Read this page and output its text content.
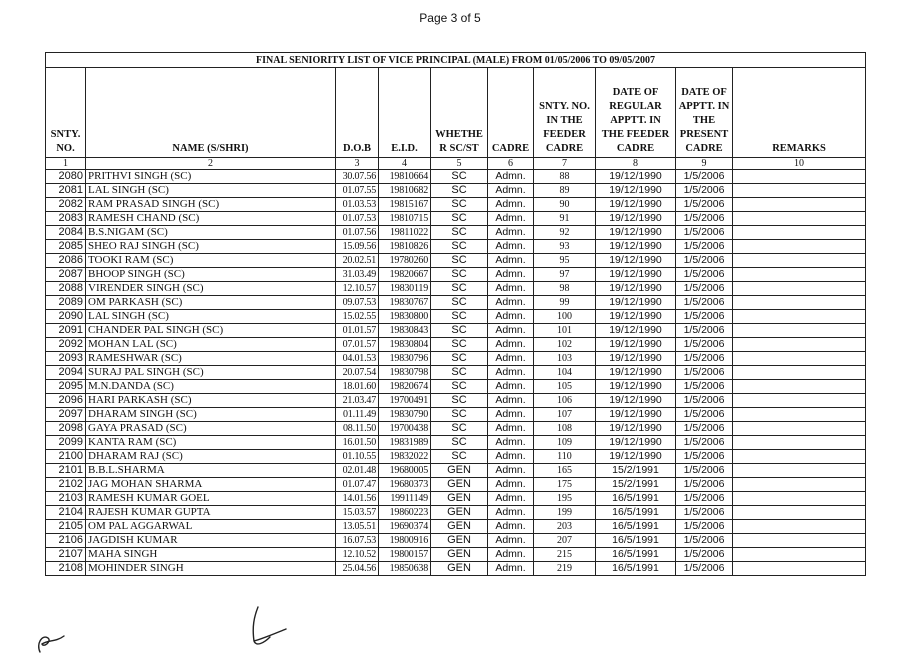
Page 3 of 5
FINAL SENIORITY LIST OF VICE PRINCIPAL (MALE) FROM 01/05/2006 TO 09/05/2007									
SNTY. NO.	NAME (S/SHRI)	D.O.B	E.I.D.	WHETHE R SC/ST	CADRE	SNTY. NO. IN THE FEEDER CADRE	DATE OF REGULAR APPTT. IN THE FEEDER CADRE	DATE OF APPTT. IN THE PRESENT CADRE	REMARKS
1	2	3	4	5	6	7	8	9	10
2080	PRITHVI SINGH (SC)	30.07.56	19810664	SC	Admn.	88	19/12/1990	1/5/2006	
2081	LAL SINGH (SC)	01.07.55	19810682	SC	Admn.	89	19/12/1990	1/5/2006	
2082	RAM PRASAD SINGH (SC)	01.03.53	19815167	SC	Admn.	90	19/12/1990	1/5/2006	
2083	RAMESH CHAND (SC)	01.07.53	19810715	SC	Admn.	91	19/12/1990	1/5/2006	
2084	B.S.NIGAM (SC)	01.07.56	19811022	SC	Admn.	92	19/12/1990	1/5/2006	
2085	SHEO RAJ SINGH (SC)	15.09.56	19810826	SC	Admn.	93	19/12/1990	1/5/2006	
2086	TOOKI RAM (SC)	20.02.51	19780260	SC	Admn.	95	19/12/1990	1/5/2006	
2087	BHOOP SINGH (SC)	31.03.49	19820667	SC	Admn.	97	19/12/1990	1/5/2006	
2088	VIRENDER SINGH (SC)	12.10.57	19830119	SC	Admn.	98	19/12/1990	1/5/2006	
2089	OM PARKASH (SC)	09.07.53	19830767	SC	Admn.	99	19/12/1990	1/5/2006	
2090	LAL SINGH (SC)	15.02.55	19830800	SC	Admn.	100	19/12/1990	1/5/2006	
2091	CHANDER PAL SINGH (SC)	01.01.57	19830843	SC	Admn.	101	19/12/1990	1/5/2006	
2092	MOHAN LAL (SC)	07.01.57	19830804	SC	Admn.	102	19/12/1990	1/5/2006	
2093	RAMESHWAR (SC)	04.01.53	19830796	SC	Admn.	103	19/12/1990	1/5/2006	
2094	SURAJ PAL SINGH (SC)	20.07.54	19830798	SC	Admn.	104	19/12/1990	1/5/2006	
2095	M.N.DANDA (SC)	18.01.60	19820674	SC	Admn.	105	19/12/1990	1/5/2006	
2096	HARI PARKASH (SC)	21.03.47	19700491	SC	Admn.	106	19/12/1990	1/5/2006	
2097	DHARAM SINGH (SC)	01.11.49	19830790	SC	Admn.	107	19/12/1990	1/5/2006	
2098	GAYA PRASAD (SC)	08.11.50	19700438	SC	Admn.	108	19/12/1990	1/5/2006	
2099	KANTA RAM (SC)	16.01.50	19831989	SC	Admn.	109	19/12/1990	1/5/2006	
2100	DHARAM RAJ (SC)	01.10.55	19832022	SC	Admn.	110	19/12/1990	1/5/2006	
2101	B.B.L.SHARMA	02.01.48	19680005	GEN	Admn.	165	15/2/1991	1/5/2006	
2102	JAG MOHAN SHARMA	01.07.47	19680373	GEN	Admn.	175	15/2/1991	1/5/2006	
2103	RAMESH KUMAR GOEL	14.01.56	19911149	GEN	Admn.	195	16/5/1991	1/5/2006	
2104	RAJESH KUMAR GUPTA	15.03.57	19860223	GEN	Admn.	199	16/5/1991	1/5/2006	
2105	OM PAL AGGARWAL	13.05.51	19690374	GEN	Admn.	203	16/5/1991	1/5/2006	
2106	JAGDISH KUMAR	16.07.53	19800916	GEN	Admn.	207	16/5/1991	1/5/2006	
2107	MAHA SINGH	12.10.52	19800157	GEN	Admn.	215	16/5/1991	1/5/2006	
2108	MOHINDER SINGH	25.04.56	19850638	GEN	Admn.	219	16/5/1991	1/5/2006	
